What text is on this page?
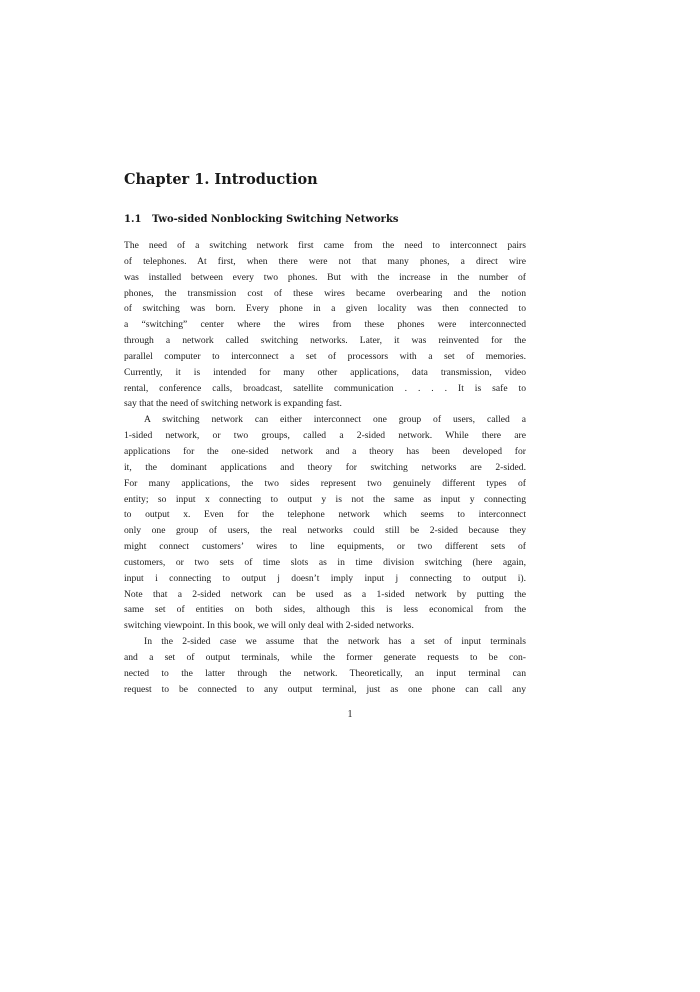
Chapter 1. Introduction
1.1 Two-sided Nonblocking Switching Networks
The need of a switching network first came from the need to interconnect pairs
of telephones. At first, when there were not that many phones, a direct wire
was installed between every two phones. But with the increase in the number of
phones, the transmission cost of these wires became overbearing and the notion
of switching was born. Every phone in a given locality was then connected to
a “switching” center where the wires from these phones were interconnected
through a network called switching networks. Later, it was reinvented for the
parallel computer to interconnect a set of processors with a set of memories.
Currently, it is intended for many other applications, data transmission, video
rental, conference calls, broadcast, satellite communication . . . . It is safe to
say that the need of switching network is expanding fast.
A switching network can either interconnect one group of users, called a
1-sided network, or two groups, called a 2-sided network. While there are
applications for the one-sided network and a theory has been developed for
it, the dominant applications and theory for switching networks are 2-sided.
For many applications, the two sides represent two genuinely different types of
entity; so input x connecting to output y is not the same as input y connecting
to output x. Even for the telephone network which seems to interconnect
only one group of users, the real networks could still be 2-sided because they
might connect customers’ wires to line equipments, or two different sets of
customers, or two sets of time slots as in time division switching (here again,
input i connecting to output j doesn’t imply input j connecting to output i).
Note that a 2-sided network can be used as a 1-sided network by putting the
same set of entities on both sides, although this is less economical from the
switching viewpoint. In this book, we will only deal with 2-sided networks.
In the 2-sided case we assume that the network has a set of input terminals
and a set of output terminals, while the former generate requests to be con-
nected to the latter through the network. Theoretically, an input terminal can
request to be connected to any output terminal, just as one phone can call any
1
